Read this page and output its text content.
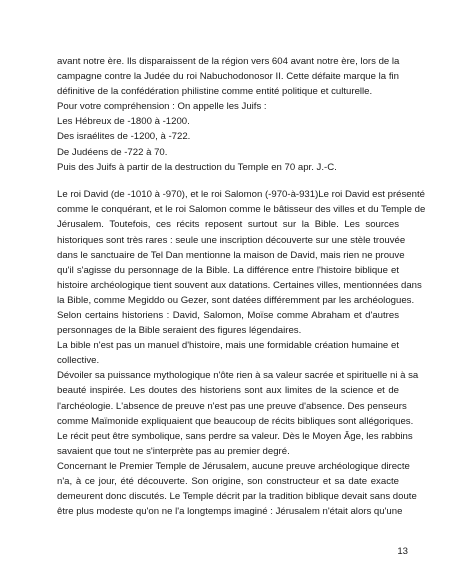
avant notre ère. Ils disparaissent de la région vers 604 avant notre ère, lors de la
campagne contre la Judée du roi Nabuchodonosor II. Cette défaite marque la fin
définitive de la confédération philistine comme entité politique et culturelle.
Pour votre compréhension : On appelle les Juifs :
Les Hébreux de -1800 à -1200.
Des israélites de -1200, à -722.
De Judéens de -722 à 70.
Puis des Juifs à partir de la destruction du Temple en 70 apr. J.-C.
Le roi David (de -1010 à -970), et le roi Salomon (-970-à-931)Le roi David est présenté
comme le conquérant, et le roi Salomon comme le bâtisseur des villes et du Temple de
Jérusalem. Toutefois, ces récits reposent surtout sur la Bible. Les sources
historiques sont très rares : seule une inscription découverte sur une stèle trouvée
dans le sanctuaire de Tel Dan mentionne la maison de David, mais rien ne prouve
qu'il s'agisse du personnage de la Bible. La différence entre l'histoire biblique et
histoire archéologique tient souvent aux datations. Certaines villes, mentionnées dans
la Bible, comme Megiddo ou Gezer, sont datées différemment par les archéologues.
Selon certains historiens : David, Salomon, Moïse comme Abraham et d'autres
personnages de la Bible seraient des figures légendaires.
La bible n'est pas un manuel d'histoire, mais une formidable création humaine et
collective.
Dévoiler sa puissance mythologique n'ôte rien à sa valeur sacrée et spirituelle ni à sa
beauté inspirée. Les doutes des historiens sont aux limites de la science et de
l'archéologie. L'absence de preuve n'est pas une preuve d'absence. Des penseurs
comme Maïmonide expliquaient que beaucoup de récits bibliques sont allégoriques.
Le récit peut être symbolique, sans perdre sa valeur. Dès le Moyen Âge, les rabbins
savaient que tout ne s'interprète pas au premier degré.
Concernant le Premier Temple de Jérusalem, aucune preuve archéologique directe
n'a, à ce jour, été découverte. Son origine, son constructeur et sa date exacte
demeurent donc discutés. Le Temple décrit par la tradition biblique devait sans doute
être plus modeste qu'on ne l'a longtemps imaginé : Jérusalem n'était alors qu'une
13
